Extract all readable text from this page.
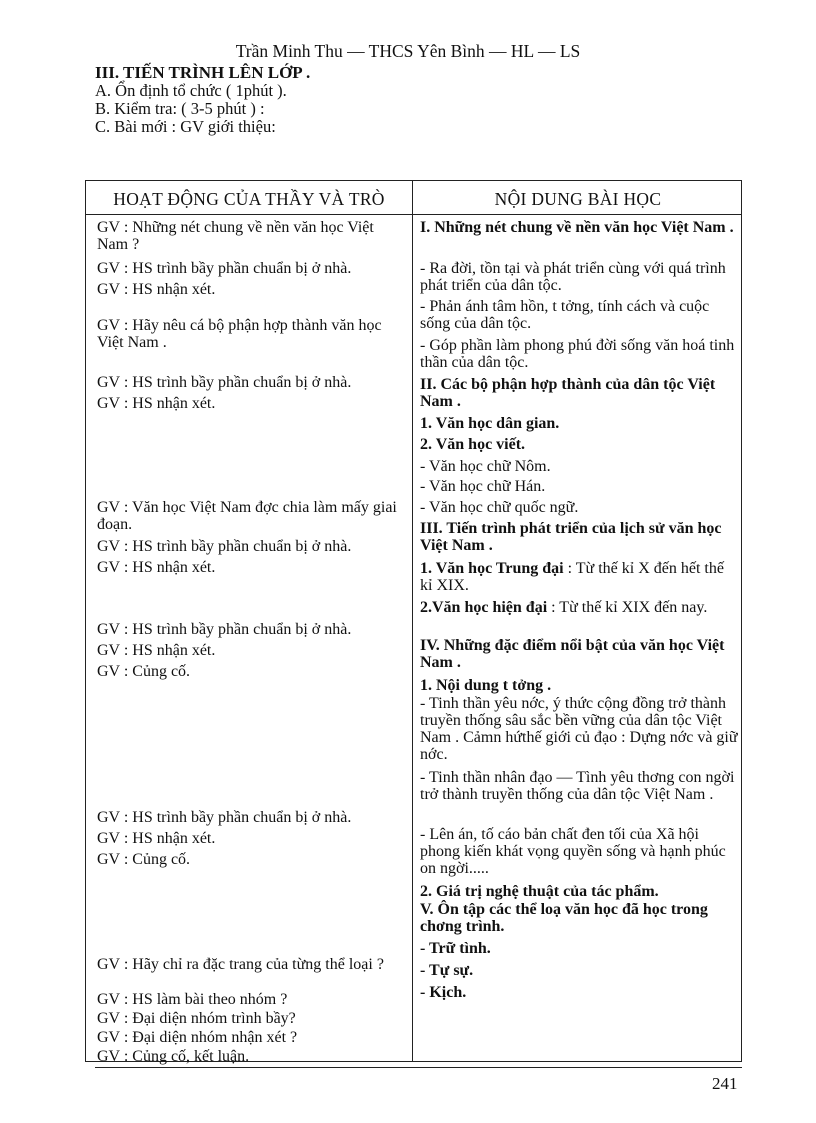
Trần Minh Thu — THCS Yên Bình — HL — LS
III. TIẾN TRÌNH LÊN LỚP .
A. Ổn định tổ chức ( 1phút ).
B. Kiểm tra: ( 3-5 phút ) :
C. Bài mới : GV giới thiệu:
HOẠT ĐỘNG CỦA THẦY VÀ TRÒ	NỘI DUNG BÀI HỌC
GV : Những nét chung về nền văn học Việt Nam ?
GV : HS trình bầy phần chuẩn bị ở nhà.
GV : HS nhận xét.
GV : Hãy nêu cá bộ phận hợp thành văn học Việt Nam .
GV : HS trình bầy phần chuẩn bị ở nhà.
GV : HS nhận xét.
GV : Văn học Việt Nam đợc chia làm mấy giai đoạn.
GV : HS trình bầy phần chuẩn bị ở nhà.
GV : HS nhận xét.
GV : HS trình bầy phần chuẩn bị ở nhà.
GV : HS nhận xét.
GV : Củng cố.
GV : HS trình bầy phần chuẩn bị ở nhà.
GV : HS nhận xét.
GV : Củng cố.
GV : Hãy chỉ ra đặc trang của từng thể loại ?
GV : HS làm bài theo nhóm ?
GV : Đại diện nhóm trình bầy?
GV : Đại diện nhóm nhận xét ?
GV : Củng cố, kết luận.
I. Những nét chung về nền văn học Việt Nam .
- Ra đời, tồn tại và phát triển cùng với quá trình phát triển của dân tộc.
- Phản ánh tâm hồn, t tởng, tính cách và cuộc sống của dân tộc.
- Góp phần làm phong phú đời sống văn hoá tinh thần của dân tộc.
II. Các bộ phận hợp thành của dân tộc Việt Nam .
1. Văn học dân gian.
2. Văn học viết.
- Văn học chữ Nôm.
- Văn học chữ Hán.
- Văn học chữ quốc ngữ.
III. Tiến trình phát triển của lịch sử văn học Việt Nam .
1. Văn học Trung đại : Từ thế kỉ X đến hết thế kỉ XIX.
2.Văn học hiện đại : Từ thế kỉ XIX đến nay.
IV. Những đặc điểm nổi bật của văn học Việt Nam .
1. Nội dung t tởng .
- Tinh thần yêu nớc, ý thức cộng đồng trở thành truyền thống sâu sắc bền vững của dân tộc Việt Nam . Cảmn hứthế giới củ đạo : Dựng nớc và giữ nớc.
- Tinh thần nhân đạo — Tình yêu thơng con ngời trở thành truyền thống của dân tộc Việt Nam .
- Lên án, tố cáo bản chất đen tối của Xã hội phong kiến khát vọng quyền sống và hạnh phúc on ngời.....
2. Giá trị nghệ thuật của tác phẩm.
V. Ôn tập các thể loạ văn học đã học trong chơng trình.
- Trữ tình.
- Tự sự.
- Kịch.
241
